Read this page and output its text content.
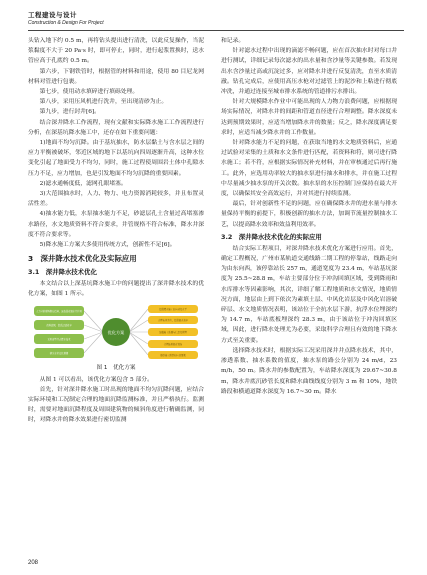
工程建设与设计
Construction & Design For Project

头钻入地下约 0.5 m，再将钻头提出进行清洗，以此反复操作，当泥浆黏度不大于 20 Pa·s 时，即可停止，同时，进行起浆置换时，送水管应高于孔底约 0.5 m。

第六步，下钢铁管时，根据管的材料和用途，使用 80 目尼龙网材料对管进行包裹。

第七步，使用动水填碎进行填砾处理。

第八步，采用压风机进行洗井，至出现清砂为止。

第九步，进行封井[6]。

结合深井降水工作流程，现有文献和实际降水施工工作流程进行分析，在深基坑降水施工中，还存在如下重要问题：

1)地面不均匀沉降。由于基坑抽水，防水层黏土与含水层之间的应力平衡被破坏，邻近区域的地下以基坑向四周逐渐升高，这种水位变化引起了地面受力不均匀，同时，施工过程使周围岩土体中孔隙水压力不足，应力增加，也是引发地面不均匀沉降的重要因素。

2)滤水通畅度低，滤网孔眼堵塞。

3)大范围抽水时，人力、物力、电力资源消耗较多，并且布置灵活性差。

4)抽水能力低，水泵抽水能力不足，砂滤层孔土含量过高堵塞渗水路径，水文地质资料不符合要求，井管规格不符合标准，降水井深度不符合要求等。

5)降水施工方案大多使用传统方式，创新性不足[6]。

3　深井降水技术优化及实际应用
3.1　深井降水技术优化

本文结合以上深基坑降水施工中的问题提出了深井降水技术的优化方案，如图 1 所示。

大力分析现场勘察资料，选取高效抽水井位置
改善滤网，提高过滤效率
采用新型井点降水技术
研究水位变化规律
优化方案
提高降水施工的自动化水平
合理布置井位，提高抽水效率
加强施工监测与信息化管理
合理选用抽水设备
做好施工组织和应急预案
图 1　优化方案

从图 1 可以看出，该优化方案包含 5 部分。

首先，针对深井降水施工时出现的地面不均匀沉降问题，应结合实际环境和工况制定合理的地面沉降监测标准，并且严格执行。监测时，需要对地面沉降程度及周围建筑物的倾斜角度进行精确监测，同时，对降水井的降水效果进行密切监测

和记录。

针对滤水过程中出现的滴滤不畅问题，应在首次抽水时对每口井进行测试，详细记录每次滤水的出水量和含沙量等关键参数。若发现出水含沙量过高或沉淀过多，应对降水井进行反复清洗，直至水质清澈。钻孔完成后，应使用高压水枪对过滤管上的泥沙和上粘进行彻底冲洗，并通过连接至城市排水系统的管道排污水排出。

针对大规模降水作业中可能出现的人力物力浪费问题，应根据现场实际情况，对降水井的间距和管道直径进行合理调整。降水深度未达到预期效果时，应适当增加降水井的数量；反之，降水深度满足要求时，应适当减少降水井的工作数量。

针对降水能力不足的问题，在获取当地的水文地质资料后，应通过试验对采集的土质和水文条件进行匹配，若资料和符，则可进行降水施工；若不符，应根据实际情况补充材料，并在审核通过后再行施工。此外，应选用功率较大的抽水泵进行抽水和排水，并在施工过程中尽量减少抽水泵的开关次数。抽水泵的水压控制门应保持在最大开度，以确保其安全高效运行，并对其进行持续监测。

最后，针对创新性不足的问题，应在确保降水井的进水量与排水量保持平衡的前提下，积极创新的抽水方法，加调节流量控制抽水工艺，以提高降水效率和效益利用效率。

3.2　深井降水技术优化的实际应用

结合实际工程项目，对深井降水技术优化方案进行应用。首先，确定工程概况，广州市某轨道交通线路二期工程的停靠站，线路走向为由东向西，该停靠站长 257 m，通道宽度为 23.4 m，车站基坑深度为 25.5~28.8 m，车站主要部分位于冲沟回填区域，受到降雨和水库排水等因素影响，其次，详细了解工程地质和水文情况，地质情况方面，地层由上到下依次为素填土层、中风化岩层及中风化岩溶破碎层、水文地质情况表明，该站位于全抗水层下游，抗浮水位埋深约为 14.7 m，车站底板埋深约 28.3 m，由于该站位于冲沟回填区域，因此，进行降水处理尤为必要，采取科学合理且有效的地下降水方式至关重要。

选择降水技术时，根据实际工况采用深井井点降水技术，其中，渗透系数、抽水系数的值度，抽水泵的路公分别为 24 m/d，23 m/h，50 m。降水井的参数配置为，车站降水深度为 29.67~30.8 m，降水井底沉砂管长度和降水曲线线度分别为 3 m 和 10%，地铁路段和横通道降水深度为 16.7~30 m。降水

208
